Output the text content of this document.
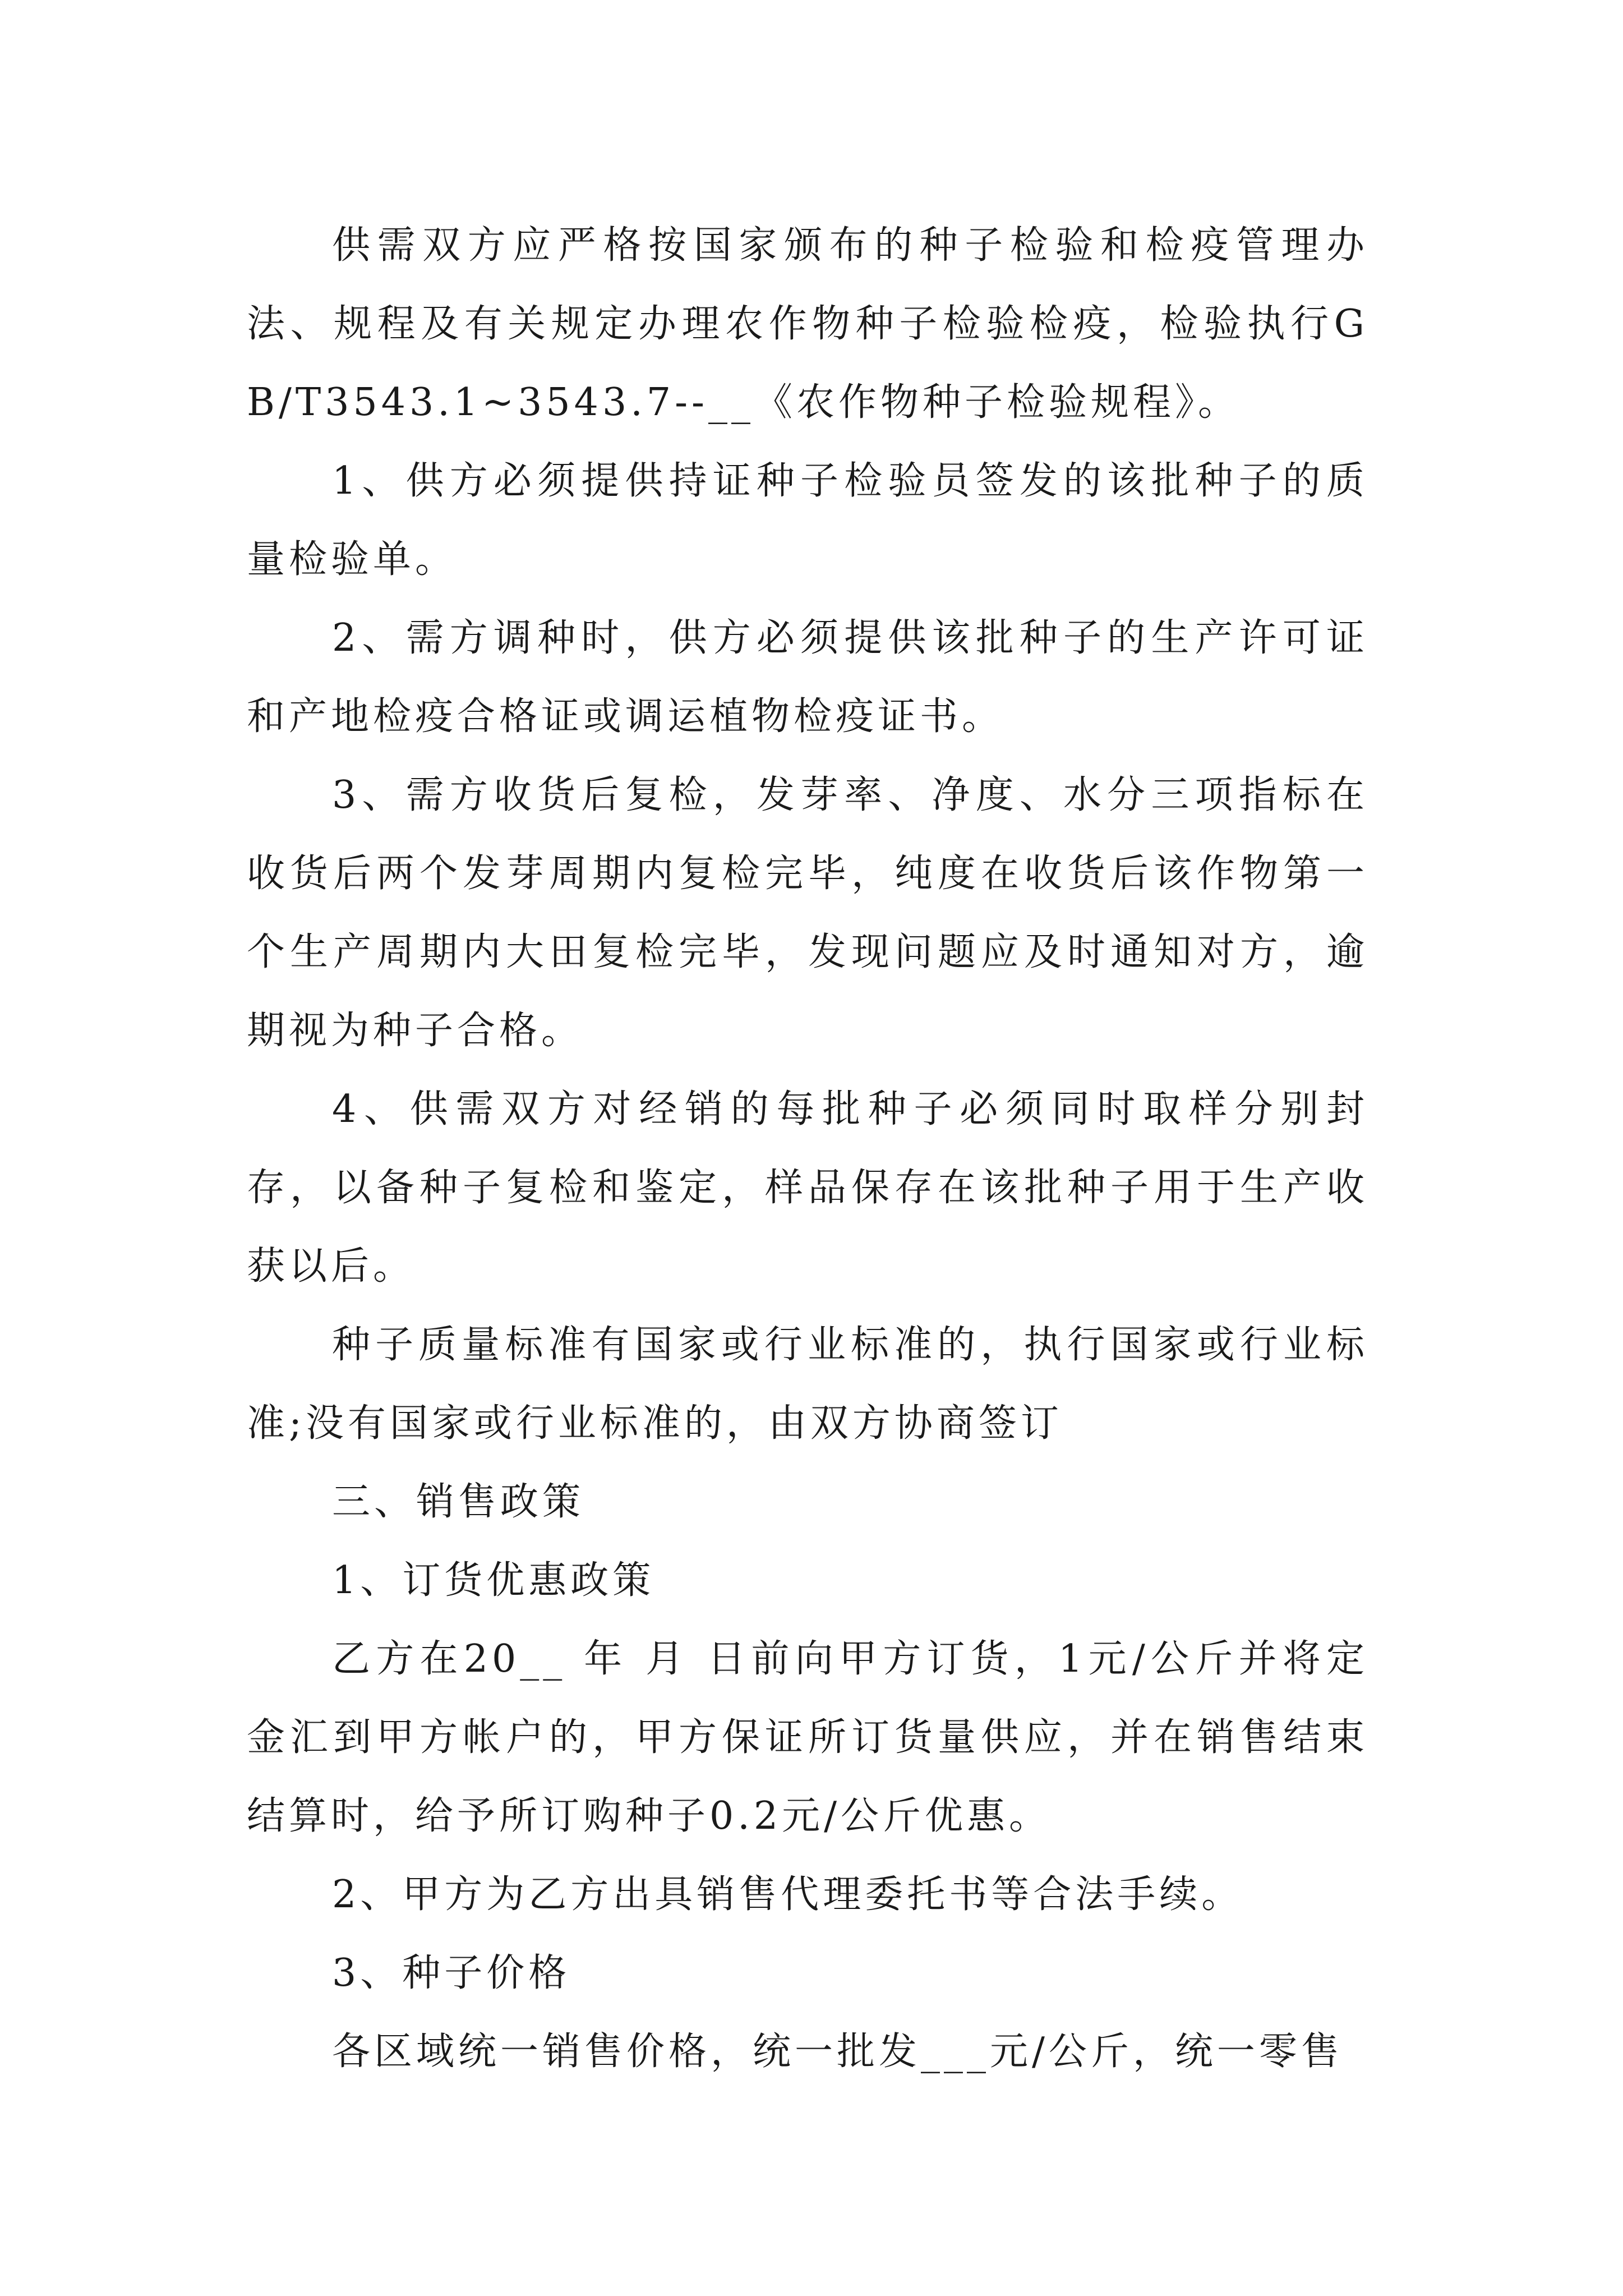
供需双方应严格按国家颁布的种子检验和检疫管理办法、规程及有关规定办理农作物种子检验检疫，检验执行GB/T3543.1~3543.7--__《农作物种子检验规程》。

1、供方必须提供持证种子检验员签发的该批种子的质量检验单。

2、需方调种时，供方必须提供该批种子的生产许可证和产地检疫合格证或调运植物检疫证书。

3、需方收货后复检，发芽率、净度、水分三项指标在收货后两个发芽周期内复检完毕，纯度在收货后该作物第一个生产周期内大田复检完毕，发现问题应及时通知对方，逾期视为种子合格。

4、供需双方对经销的每批种子必须同时取样分别封存，以备种子复检和鉴定，样品保存在该批种子用于生产收获以后。

种子质量标准有国家或行业标准的，执行国家或行业标准;没有国家或行业标准的，由双方协商签订

三、销售政策

1、订货优惠政策

乙方在20__ 年 月 日前向甲方订货，1元/公斤并将定金汇到甲方帐户的，甲方保证所订货量供应，并在销售结束结算时，给予所订购种子0.2元/公斤优惠。

2、甲方为乙方出具销售代理委托书等合法手续。

3、种子价格

各区域统一销售价格，统一批发___元/公斤，统一零售
